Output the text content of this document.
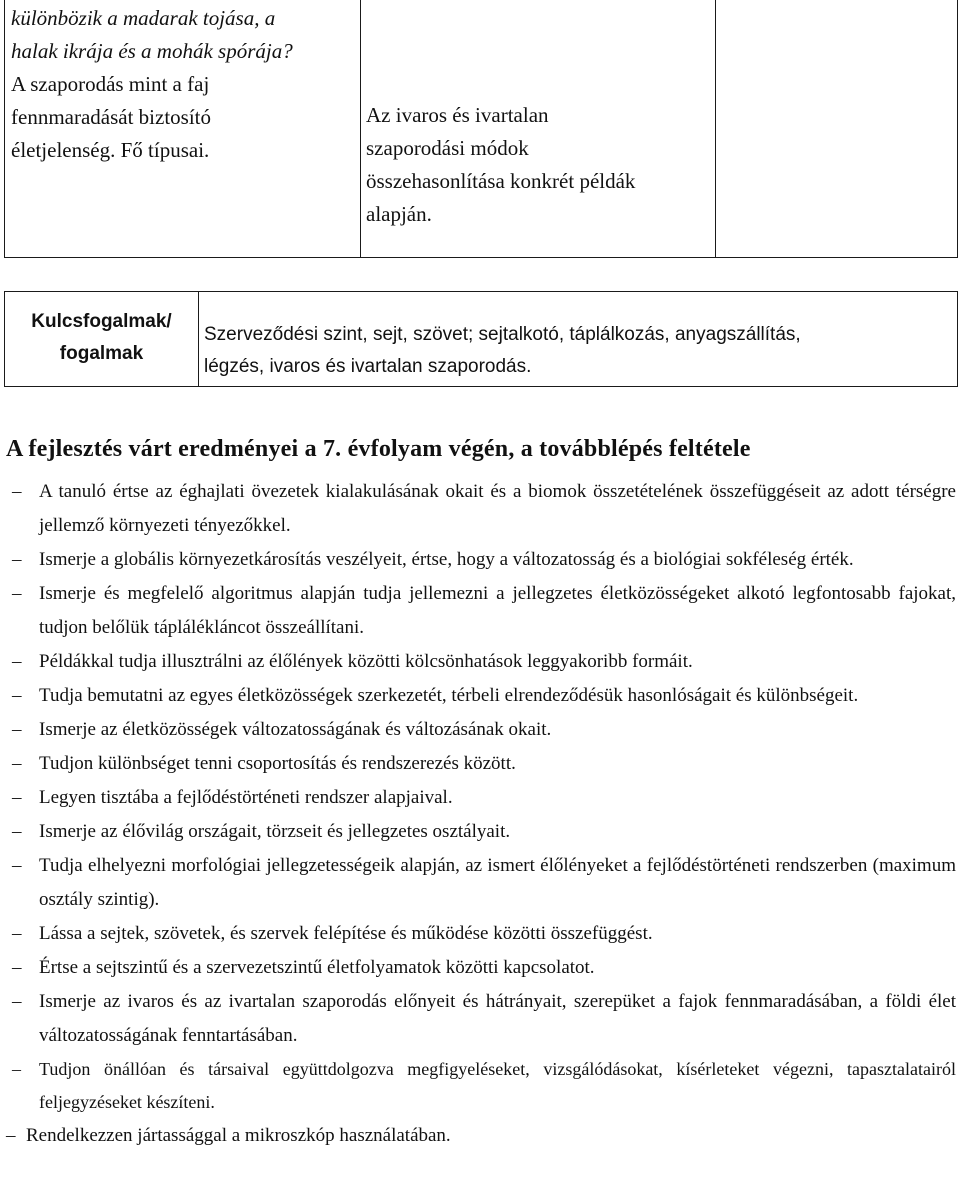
különbözik a madarak tojása, a
halak ikrája és a mohák spórája?
A szaporodás mint a faj
fennmaradását biztosító
életjelenség. Fő típusai.
Az ivaros és ivartalan
szaporodási módok
összehasonlítása konkrét példák
alapján.
Kulcsfogalmak/
fogalmak
Szerveződési szint, sejt, szövet; sejtalkotó, táplálkozás, anyagszállítás,
légzés, ivaros és ivartalan szaporodás.
A fejlesztés várt eredményei a 7. évfolyam végén, a továbblépés feltétele
– A tanuló értse az éghajlati övezetek kialakulásának okait és a biomok összetételének összefüggéseit az adott térségre jellemző környezeti tényezőkkel.
– Ismerje a globális környezetkárosítás veszélyeit, értse, hogy a változatosság és a biológiai sokféleség érték.
– Ismerje és megfelelő algoritmus alapján tudja jellemezni a jellegzetes életközösségeket alkotó legfontosabb fajokat, tudjon belőlük táplálékláncot összeállítani.
– Példákkal tudja illusztrálni az élőlények közötti kölcsönhatások leggyakoribb formáit.
– Tudja bemutatni az egyes életközösségek szerkezetét, térbeli elrendeződésük hasonlóságait és különbségeit.
– Ismerje az életközösségek változatosságának és változásának okait.
– Tudjon különbséget tenni csoportosítás és rendszerezés között.
– Legyen tisztába a fejlődéstörténeti rendszer alapjaival.
– Ismerje az élővilág országait, törzseit és jellegzetes osztályait.
– Tudja elhelyezni morfológiai jellegzetességeik alapján, az ismert élőlényeket a fejlődéstörténeti rendszerben (maximum osztály szintig).
– Lássa a sejtek, szövetek, és szervek felépítése és működése közötti összefüggést.
– Értse a sejtszintű és a szervezetszintű életfolyamatok közötti kapcsolatot.
– Ismerje az ivaros és az ivartalan szaporodás előnyeit és hátrányait, szerepüket a fajok fennmaradásában, a földi élet változatosságának fenntartásában.
– Tudjon önállóan és társaival együttdolgozva megfigyeléseket, vizsgálódásokat, kísérleteket végezni, tapasztalatairól feljegyzéseket készíteni.
– Rendelkezzen jártassággal a mikroszkóp használatában.
